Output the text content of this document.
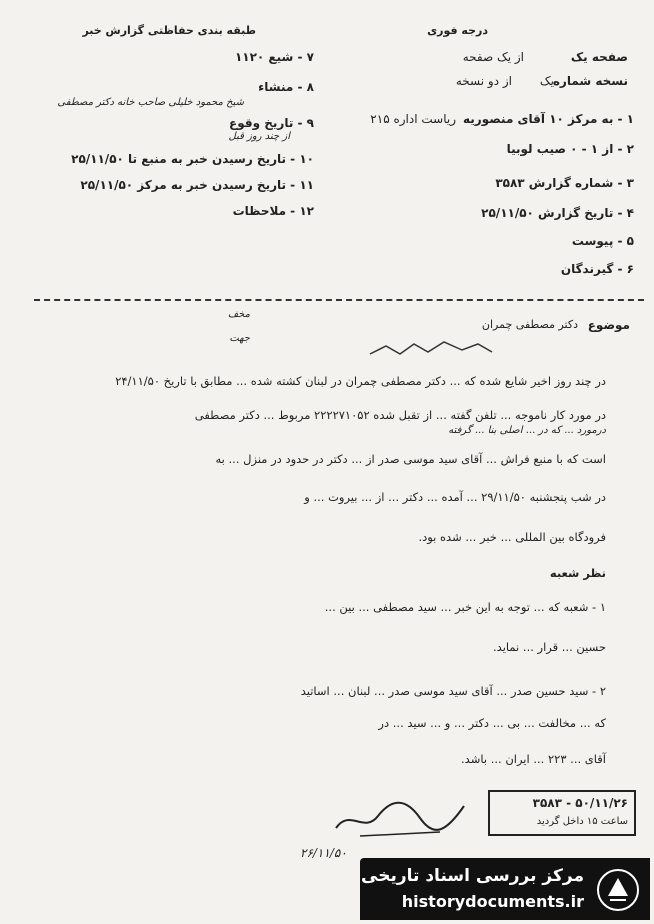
درجه فوری
طبقه بندی حفاظتی گزارش خبر
صفحه یک
از یک صفحه
نسخه شماره
یک
از دو نسخه
۷ - شیع ۱۱۲۰
۸ - منشاء
شیخ محمود خلیلی صاحب خانه دکتر مصطفی
۹ - تاریخ وقوع
از چند روز قبل
۱۰ - تاریخ رسیدن خبر به منبع تا ۲۵/۱۱/۵۰
۱۱ - تاریخ رسیدن خبر به مرکز ۲۵/۱۱/۵۰
۱۲ - ملاحظات
۱ - به مرکز ۱۰ آقای منصوریه
ریاست اداره ۲۱۵
۲ - از ۱ - ۰ صیب لوبیا
۳ - شماره گزارش ۳۵۸۳
۴ - تاریخ گزارش ۲۵/۱۱/۵۰
۵ - پیوست
۶ - گیرندگان
موضوع
دکتر مصطفی چمران
مخف
جهت
در چند روز اخیر شایع شده که ... دکتر مصطفی چمران در لبنان کشته شده ... مطابق با تاریخ ۲۴/۱۱/۵۰
در مورد کار ناموجه ... تلفن گفته ... از تقبل شده ۲۲۲۲۷۱۰۵۲ مربوط ... دکتر مصطفی
درمورد ... که در ... اصلی بنا ... گرفته
است که با منبع فراش ... آقای سید موسی صدر از ... دکتر در حدود در منزل ... به
در شب پنجشنبه ۲۹/۱۱/۵۰ ... آمده ... دکتر ... از ... بیروت ... و
فرودگاه بین المللی ... خبر ... شده بود.
نظر شعبه
۱ - شعبه که ... توجه به این خبر ... سید مصطفی ... بین ...
حسین ... قرار ... نماید.
۲ - سید حسین صدر ... آقای سید موسی صدر ... لبنان ... اساتید
که ... مخالفت ... بی ... دکتر ... و ... سید ... در
آقای ... ۲۲۳ ... ایران ... باشد.
۵۰/۱۱/۲۶ - ۳۵۸۳
ساعت ۱۵ داخل گردید
۲۶/۱۱/۵۰
مرکز بررسی اسناد تاریخی
historydocuments.ir
